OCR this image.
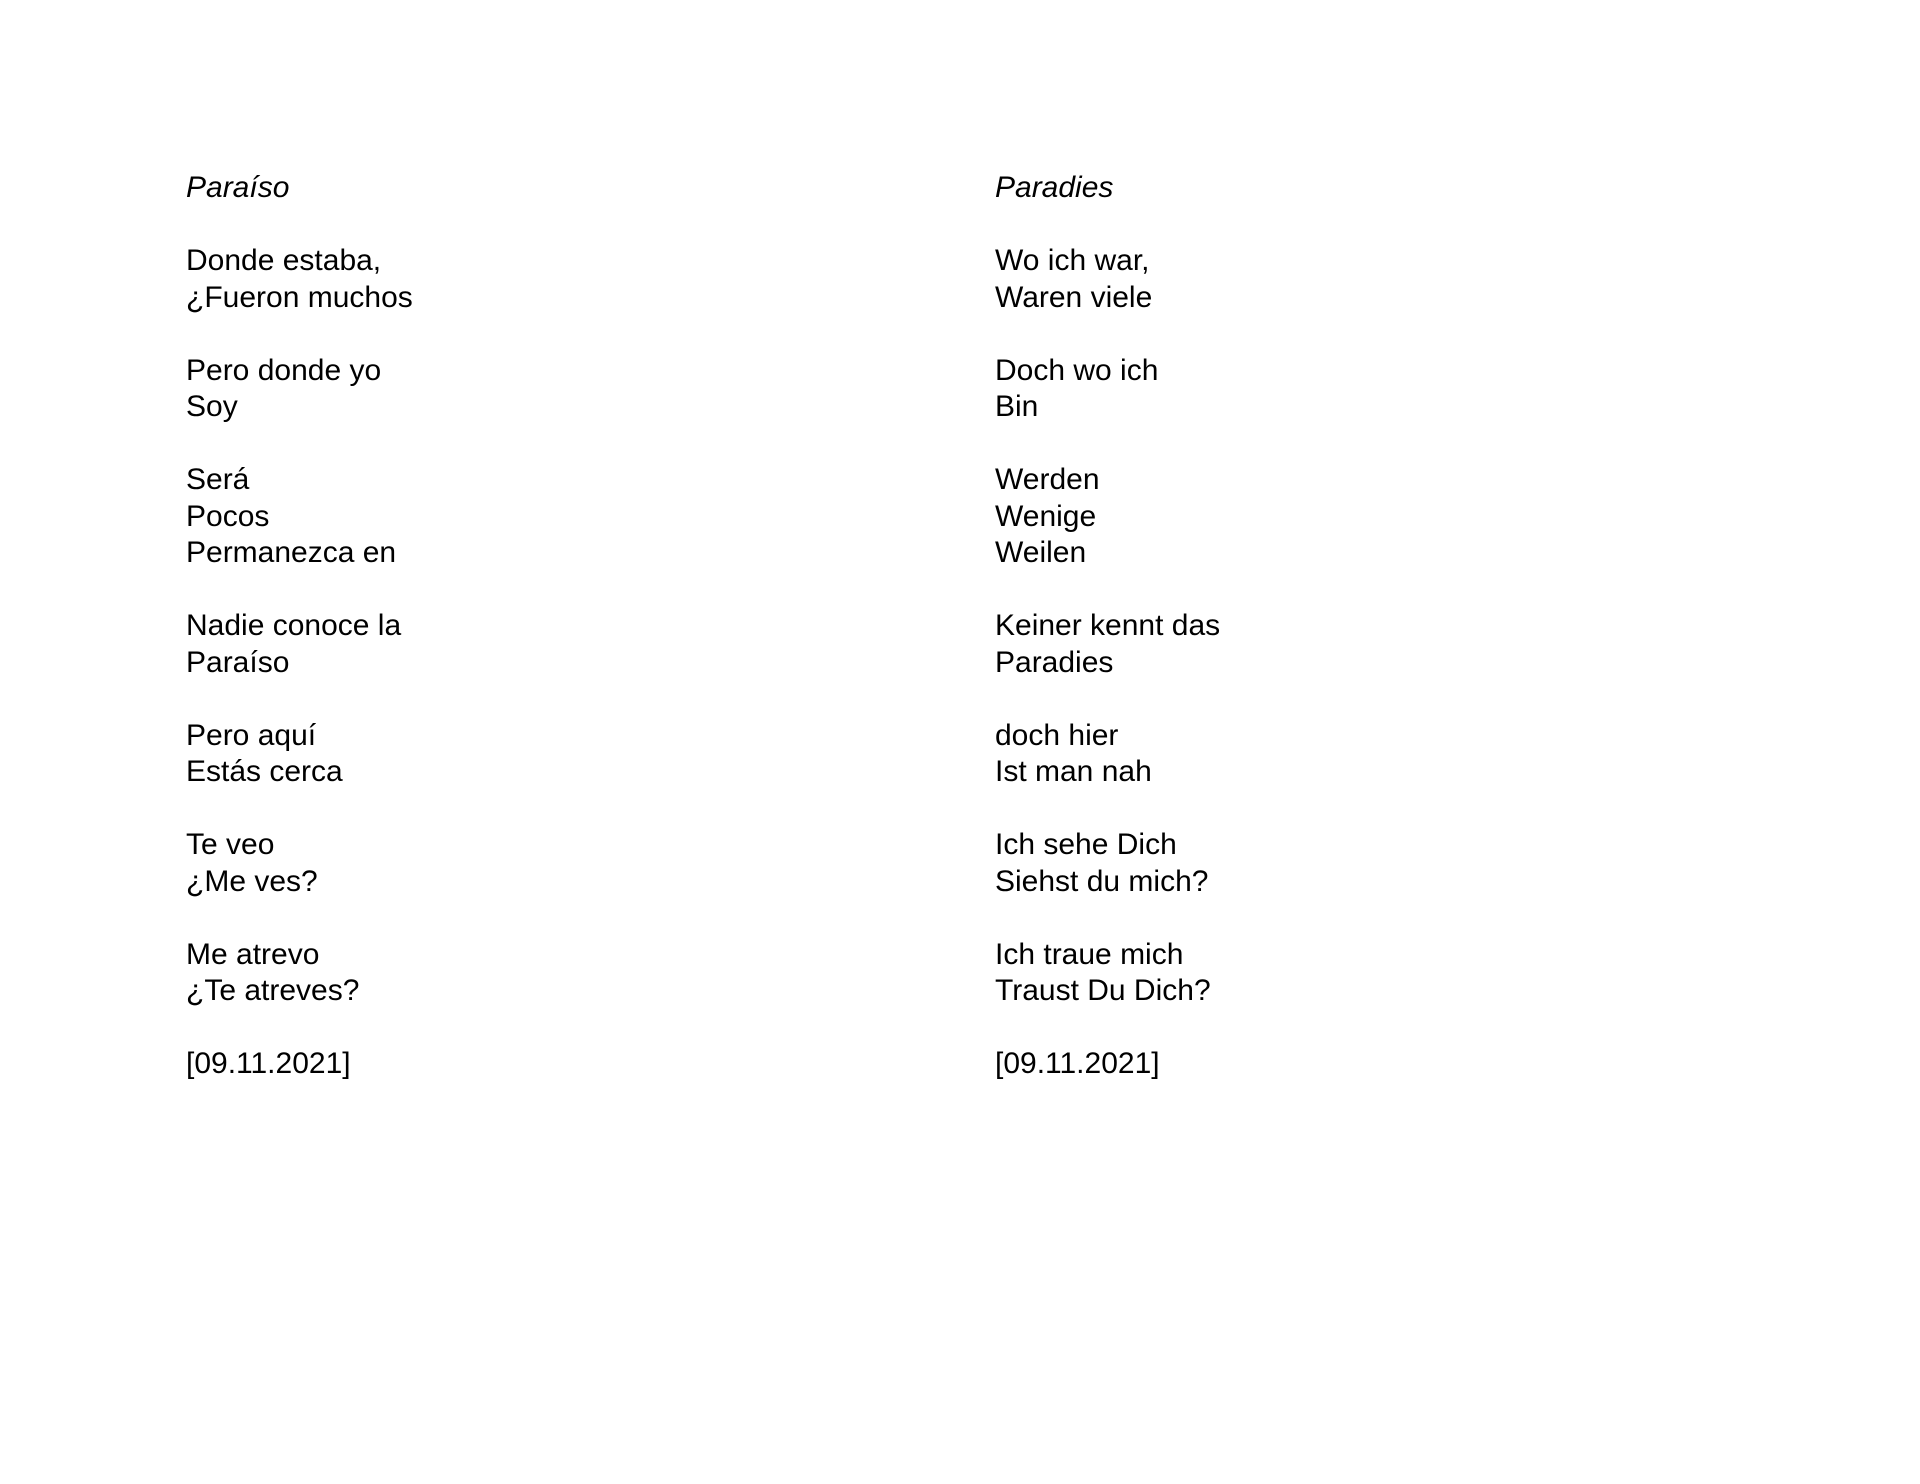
Paraíso
Donde estaba,
¿Fueron muchos
Pero donde yo
Soy
Será
Pocos
Permanezca en
Nadie conoce la
Paraíso
Pero aquí
Estás cerca
Te veo
¿Me ves?
Me atrevo
¿Te atreves?
[09.11.2021]
Paradies
Wo ich war,
Waren viele
Doch wo ich
Bin
Werden
Wenige
Weilen
Keiner kennt das
Paradies
doch hier
Ist man nah
Ich sehe Dich
Siehst du mich?
Ich traue mich
Traust Du Dich?
[09.11.2021]
